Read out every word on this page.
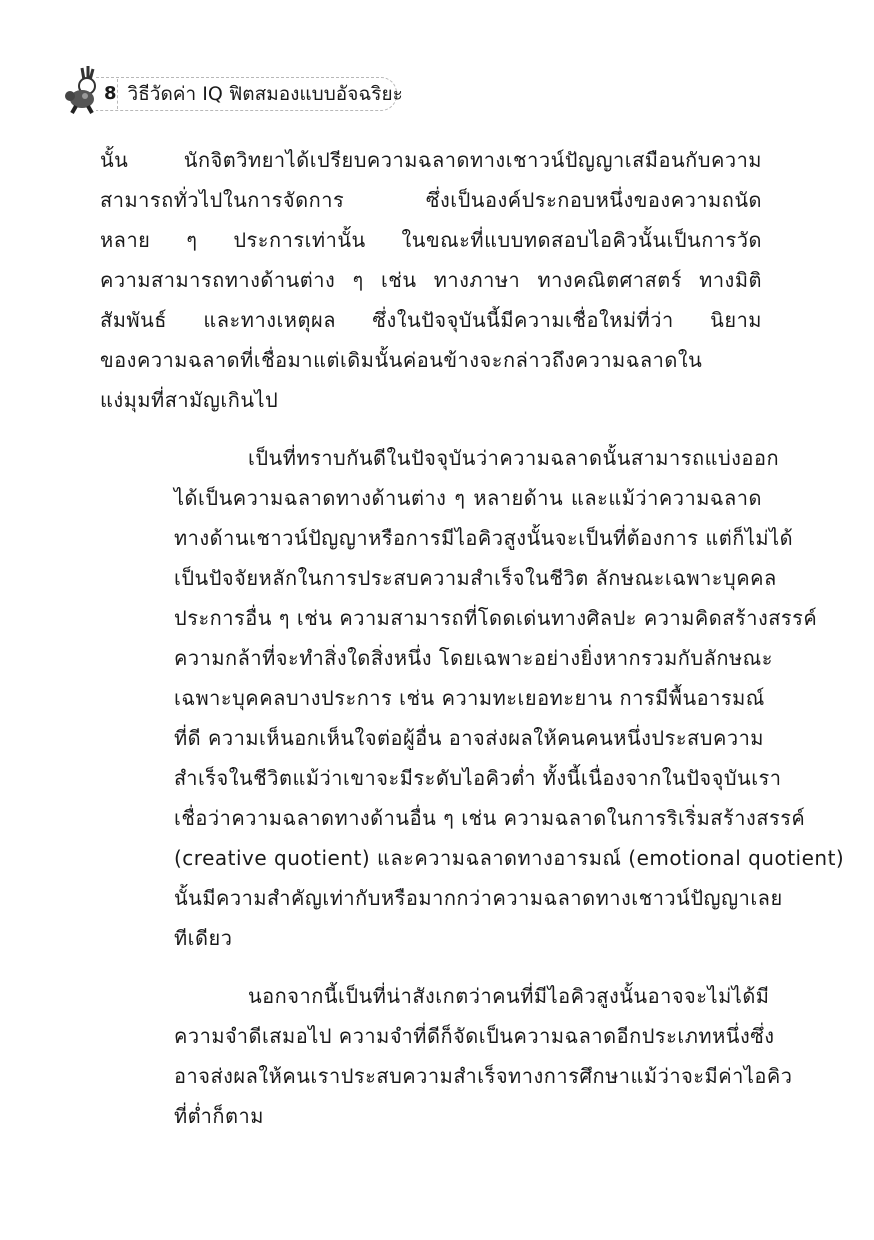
8 วิธีวัดค่า IQ ฟิตสมองแบบอัจฉริยะ
นั้น นักจิตวิทยาได้เปรียบความฉลาดทางเชาวน์ปัญญาเสมือนกับความ
สามารถทั่วไปในการจัดการ ซึ่งเป็นองค์ประกอบหนึ่งของความถนัด
หลาย ๆ ประการเท่านั้น ในขณะที่แบบทดสอบไอคิวนั้นเป็นการวัด
ความสามารถทางด้านต่าง ๆ เช่น ทางภาษา ทางคณิตศาสตร์ ทางมิติ
สัมพันธ์ และทางเหตุผล ซึ่งในปัจจุบันนี้มีความเชื่อใหม่ที่ว่า นิยาม
ของความฉลาดที่เชื่อมาแต่เดิมนั้นค่อนข้างจะกล่าวถึงความฉลาดใน
แง่มุมที่สามัญเกินไป
เป็นที่ทราบกันดีในปัจจุบันว่าความฉลาดนั้นสามารถแบ่งออก
ได้เป็นความฉลาดทางด้านต่าง ๆ หลายด้าน และแม้ว่าความฉลาด
ทางด้านเชาวน์ปัญญาหรือการมีไอคิวสูงนั้นจะเป็นที่ต้องการ แต่ก็ไม่ได้
เป็นปัจจัยหลักในการประสบความสำเร็จในชีวิต ลักษณะเฉพาะบุคคล
ประการอื่น ๆ เช่น ความสามารถที่โดดเด่นทางศิลปะ ความคิดสร้างสรรค์
ความกล้าที่จะทำสิ่งใดสิ่งหนึ่ง โดยเฉพาะอย่างยิ่งหากรวมกับลักษณะ
เฉพาะบุคคลบางประการ เช่น ความทะเยอทะยาน การมีพื้นอารมณ์
ที่ดี ความเห็นอกเห็นใจต่อผู้อื่น อาจส่งผลให้คนคนหนึ่งประสบความ
สำเร็จในชีวิตแม้ว่าเขาจะมีระดับไอคิวต่ำ ทั้งนี้เนื่องจากในปัจจุบันเรา
เชื่อว่าความฉลาดทางด้านอื่น ๆ เช่น ความฉลาดในการริเริ่มสร้างสรรค์
(creative quotient) และความฉลาดทางอารมณ์ (emotional quotient)
นั้นมีความสำคัญเท่ากับหรือมากกว่าความฉลาดทางเชาวน์ปัญญาเลย
ทีเดียว
นอกจากนี้เป็นที่น่าสังเกตว่าคนที่มีไอคิวสูงนั้นอาจจะไม่ได้มี
ความจำดีเสมอไป ความจำที่ดีก็จัดเป็นความฉลาดอีกประเภทหนึ่งซึ่ง
อาจส่งผลให้คนเราประสบความสำเร็จทางการศึกษาแม้ว่าจะมีค่าไอคิว
ที่ต่ำก็ตาม
